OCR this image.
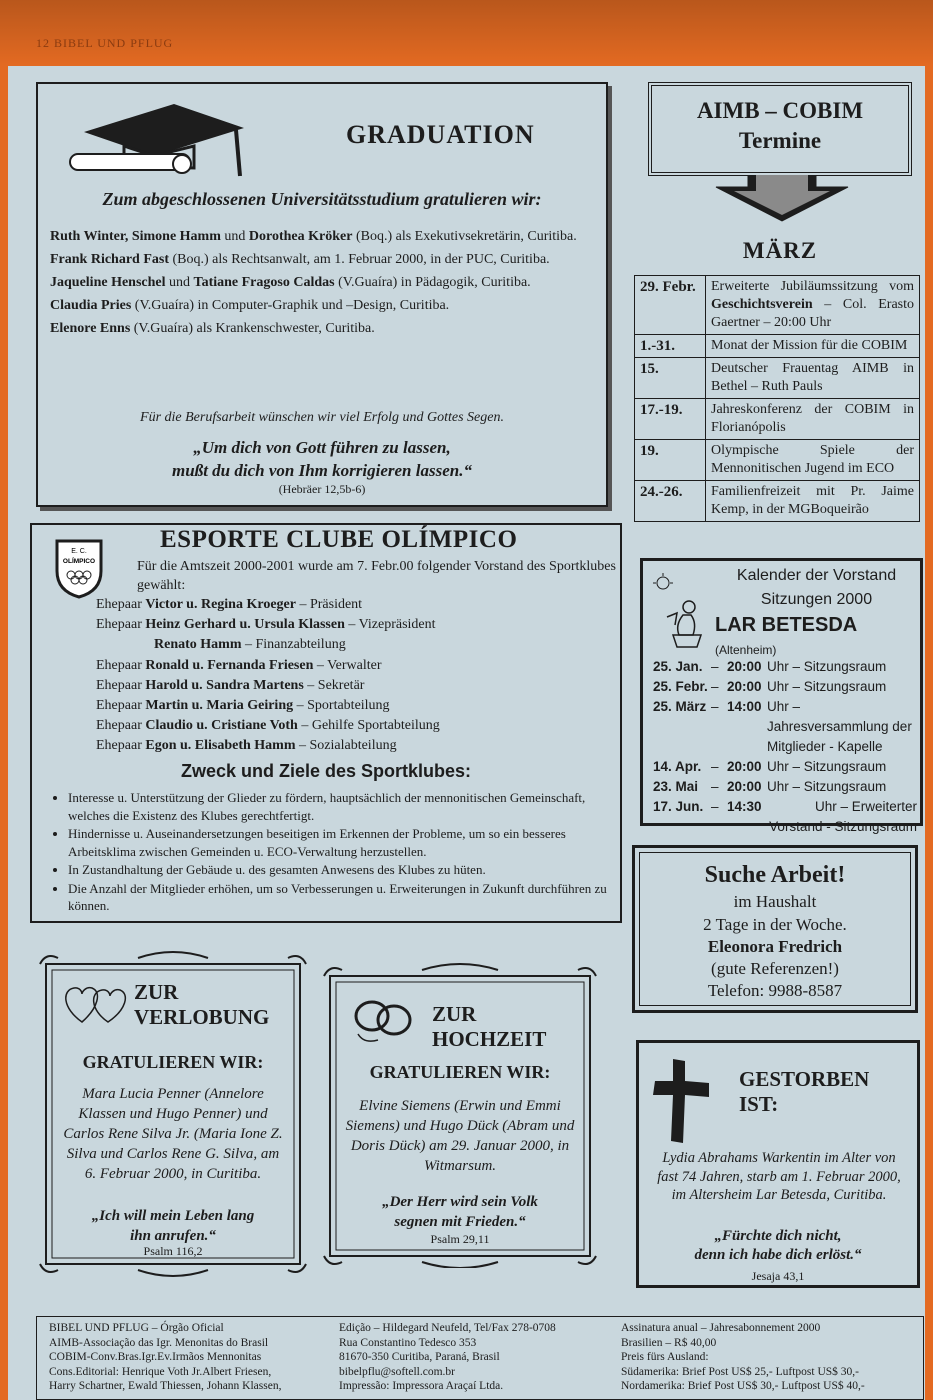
12 BIBEL UND PFLUG
GRADUATION
Zum abgeschlossenen Universitätsstudium gratulieren wir:

Ruth Winter, Simone Hamm und Dorothea Kröker (Boq.) als Exekutivsekretärin, Curitiba.

Frank Richard Fast (Boq.) als Rechtsanwalt, am 1. Februar 2000, in der PUC, Curitiba.

Jaqueline Henschel und Tatiane Fragoso Caldas (V.Guaíra) in Pädagogik, Curitiba.

Claudia Pries (V.Guaíra) in Computer-Graphik und –Design, Curitiba.

Elenore Enns (V.Guaíra) als Krankenschwester, Curitiba.

Für die Berufsarbeit wünschen wir viel Erfolg und Gottes Segen.
„Um dich von Gott führen zu lassen,
mußt du dich von Ihm korrigieren lassen.“
(Hebräer 12,5b-6)
E. C.
OLÍMPICO
ESPORTE CLUBE OLÍMPICO
Für die Amtszeit 2000-2001 wurde am 7. Febr.00 folgender Vorstand des Sportklubes gewählt:
Ehepaar Victor u. Regina Kroeger – Präsident
Ehepaar Heinz Gerhard u. Ursula Klassen – Vizepräsident
Renato Hamm – Finanzabteilung
Ehepaar Ronald u. Fernanda Friesen – Verwalter
Ehepaar Harold u. Sandra Martens – Sekretär
Ehepaar Martin u. Maria Geiring – Sportabteilung
Ehepaar Claudio u. Cristiane Voth – Gehilfe Sportabteilung
Ehepaar Egon u. Elisabeth Hamm – Sozialabteilung
Zweck und Ziele des Sportklubes:
• Interesse u. Unterstützung der Glieder zu fördern, hauptsächlich der mennonitischen Gemeinschaft, welches die Existenz des Klubes gerechtfertigt.
• Hindernisse u. Auseinandersetzungen beseitigen im Erkennen der Probleme, um so ein besseres Arbeitsklima zwischen Gemeinden u. ECO-Verwaltung herzustellen.
• In Zustandhaltung der Gebäude u. des gesamten Anwesens des Klubes zu hüten.
• Die Anzahl der Mitglieder erhöhen, um so Verbesserungen u. Erweiterungen in Zukunft durchführen zu können.
AIMB – COBIM
Termine
MÄRZ
29. Febr.	Erweiterte Jubiläumssitzung vom Geschichtsverein – Col. Erasto Gaertner – 20:00 Uhr
1.-31.	Monat der Mission für die COBIM
15.	Deutscher Frauentag AIMB in Bethel – Ruth Pauls
17.-19.	Jahreskonferenz der COBIM in Florianópolis
19.	Olympische Spiele der Mennonitischen Jugend im ECO
24.-26.	Familienfreizeit mit Pr. Jaime Kemp, in der MGBoqueirão
Kalender der Vorstand
Sitzungen 2000
LAR BETESDA (Altenheim)
25. Jan. – 20:00 Uhr – Sitzungsraum
25. Febr. – 20:00 Uhr – Sitzungsraum
25. März – 14:00 Uhr – Jahresversammlung der Mitglieder - Kapelle
14. Apr. – 20:00 Uhr – Sitzungsraum
23. Mai – 20:00 Uhr – Sitzungsraum
17. Jun. – 14:30	Uhr – Erweiterter Vorstand - Sitzungsraum
Suche Arbeit!
im Haushalt
2 Tage in der Woche.
Eleonora Fredrich
(gute Referenzen!)
Telefon: 9988-8587
ZUR
VERLOBUNG
GRATULIEREN WIR:
Mara Lucia Penner (Annelore Klassen und Hugo Penner) und Carlos Rene Silva Jr. (Maria Ione Z. Silva und Carlos Rene G. Silva, am 6. Februar 2000, in Curitiba.
„Ich will mein Leben lang
ihn anrufen.“
Psalm 116,2
ZUR
HOCHZEIT
GRATULIEREN WIR:
Elvine Siemens (Erwin und Emmi Siemens) und Hugo Dück (Abram und Doris Dück) am 29. Januar 2000, in Witmarsum.
„Der Herr wird sein Volk
segnen mit Frieden.“
Psalm 29,11
GESTORBEN
IST:
Lydia Abrahams Warkentin im Alter von fast 74 Jahren, starb am 1. Februar 2000, im Altersheim Lar Betesda, Curitiba.
„Fürchte dich nicht,
denn ich habe dich erlöst.“
Jesaja 43,1
BIBEL UND PFLUG – Órgão Oficial
AIMB-Associação das Igr. Menonitas do Brasil
COBIM-Conv.Bras.Igr.Ev.Irmãos Mennonitas
Cons.Editorial: Henrique Voth Jr.Albert Friesen,
Harry Schartner, Ewald Thiessen, Johann Klassen,
Edição – Hildegard Neufeld, Tel/Fax 278-0708
Rua Constantino Tedesco 353
81670-350 Curitiba, Paraná, Brasil
bibelpflu@softell.com.br
Impressão: Impressora Araçaí Ltda.
Assinatura anual – Jahresabonnement 2000
Brasilien – R$ 40,00
Preis fürs Ausland:
Südamerika: Brief Post US$ 25,- Luftpost US$ 30,-
Nordamerika: Brief Post US$ 30,- Luftpost US$ 40,-
